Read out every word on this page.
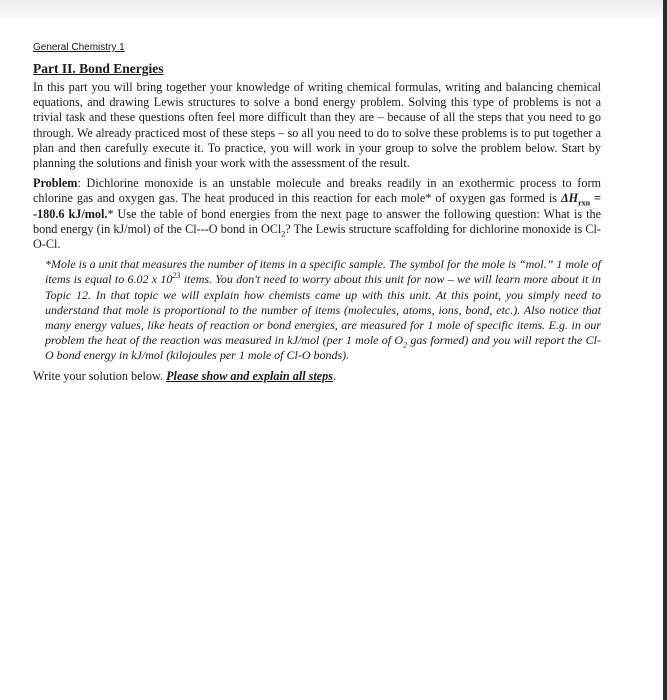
General Chemistry 1

Part II. Bond Energies

In this part you will bring together your knowledge of writing chemical formulas, writing and balancing chemical equations, and drawing Lewis structures to solve a bond energy problem. Solving this type of problems is not a trivial task and these questions often feel more difficult than they are – because of all the steps that you need to go through. We already practiced most of these steps – so all you need to do to solve these problems is to put together a plan and then carefully execute it. To practice, you will work in your group to solve the problem below. Start by planning the solutions and finish your work with the assessment of the result.

Problem: Dichlorine monoxide is an unstable molecule and breaks readily in an exothermic process to form chlorine gas and oxygen gas. The heat produced in this reaction for each mole* of oxygen gas formed is $\Delta H_{rxn} = -180.6$ kJ/mol.* Use the table of bond energies from the next page to answer the following question: What is the bond energy (in kJ/mol) of the Cl---O bond in OCl$_2$? The Lewis structure scaffolding for dichlorine monoxide is Cl-O-Cl.

*Mole is a unit that measures the number of items in a specific sample. The symbol for the mole is “mol.” 1 mole of items is equal to 6.02 x $10^{23}$ items. You don't need to worry about this unit for now – we will learn more about it in Topic 12. In that topic we will explain how chemists came up with this unit. At this point, you simply need to understand that mole is proportional to the number of items (molecules, atoms, ions, bond, etc.). Also notice that many energy values, like heats of reaction or bond energies, are measured for 1 mole of specific items. E.g. in our problem the heat of the reaction was measured in kJ/mol (per 1 mole of $O_2$ gas formed) and you will report the Cl-O bond energy in kJ/mol (kilojoules per 1 mole of Cl-O bonds).

Write your solution below. Please show and explain all steps.
